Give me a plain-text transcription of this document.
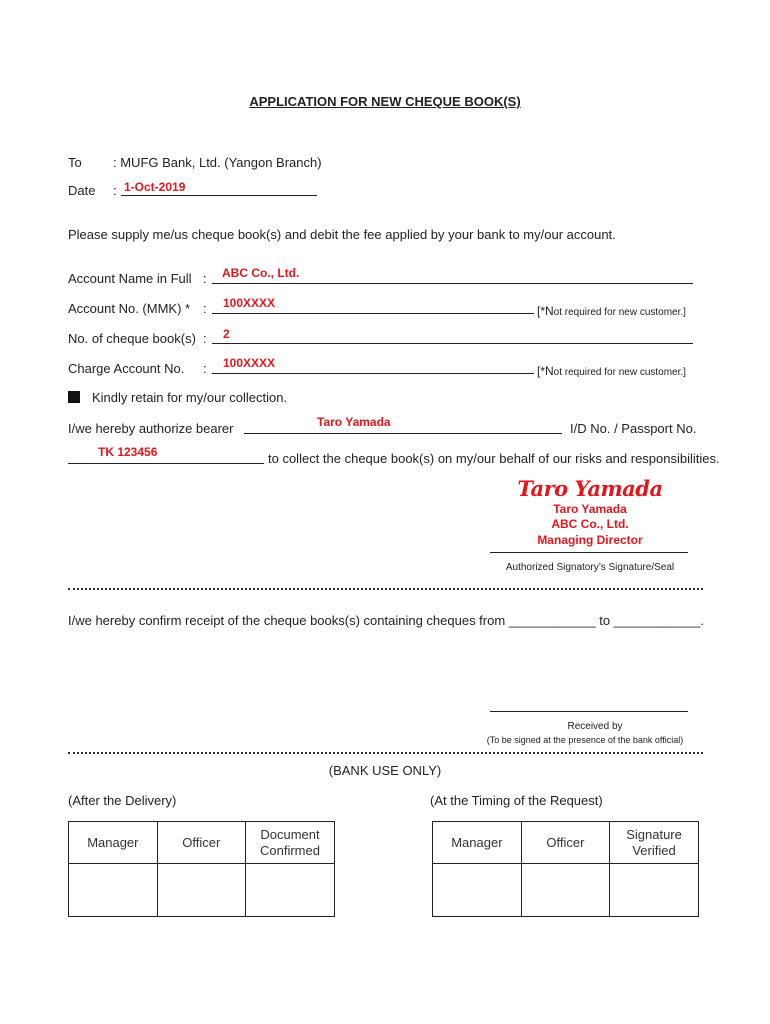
APPLICATION FOR NEW CHEQUE BOOK(S)
To : MUFG Bank, Ltd. (Yangon Branch)
Date : 1-Oct-2019
Please supply me/us cheque book(s) and debit the fee applied by your bank to my/our account.
Account Name in Full : ABC Co., Ltd.
Account No. (MMK) * : 100XXXX
[*Not required for new customer.]
No. of cheque book(s) : 2
Charge Account No. : 100XXXX
[*Not required for new customer.]
Kindly retain for my/our collection.
I/we hereby authorize bearer	Taro Yamada	I/D No. / Passport No.
TK 123456	to collect the cheque book(s) on my/our behalf of our risks and responsibilities.
Taro Yamada
Taro Yamada
ABC Co., Ltd.
Managing Director
Authorized Signatory’s Signature/Seal
I/we hereby confirm receipt of the cheque books(s) containing cheques from ____________ to ____________.
Received by
(To be signed at the presence of the bank official)
(BANK USE ONLY)
(After the Delivery)
Manager	Officer	Document
Confirmed

(At the Timing of the Request)
Manager	Officer	Signature
Verified
